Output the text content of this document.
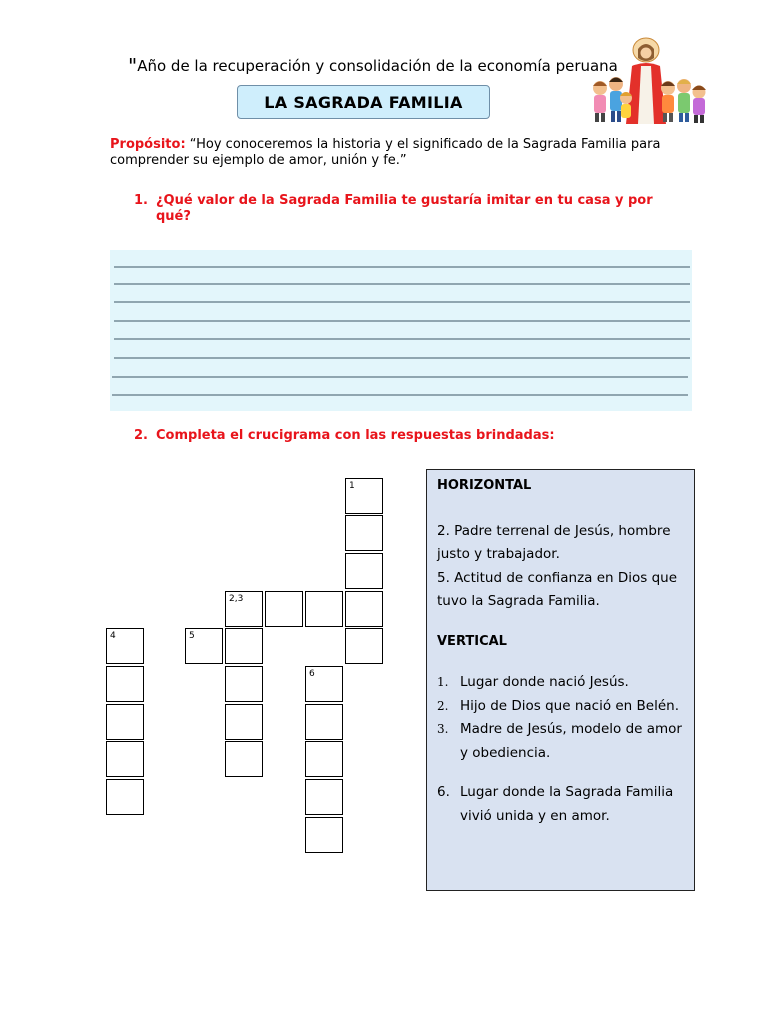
"Año de la recuperación y consolidación de la economía peruana
LA SAGRADA FAMILIA
Propósito: “Hoy conoceremos la historia y el significado de la Sagrada Familia para comprender su ejemplo de amor, unión y fe.”
1. ¿Qué valor de la Sagrada Familia te gustaría imitar en tu casa y por qué?
2. Completa el crucigrama con las respuestas brindadas:
1
2,3
5
4
6

HORIZONTAL

2. Padre terrenal de Jesús, hombre justo y trabajador.

5. Actitud de confianza en Dios que tuvo la Sagrada Familia.

VERTICAL

1. Lugar donde nació Jesús.
2. Hijo de Dios que nació en Belén.
3. Madre de Jesús, modelo de amor y obediencia.

6. Lugar donde la Sagrada Familia vivió unida y en amor.
